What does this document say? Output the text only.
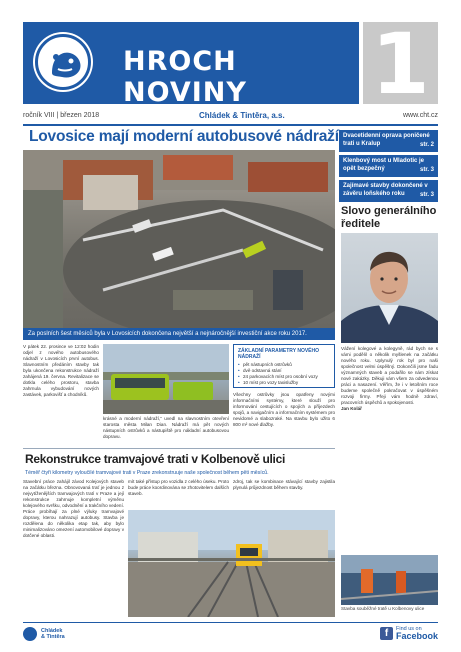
HROCH NOVINY	1
ročník VIII | březen 2018	Chládek & Tintěra, a.s.	www.cht.cz
Lovosice mají moderní autobusové nádraží
Za poslních šest měsíců byla v Lovosicích dokončena největší a nejnáročnější investiční akce roku 2017.
Dvacetidenní oprava poničené trati u Kralup	str. 2
Klenbový most u Mladotic je opět bezpečný	str. 3
Zajímavé stavby dokončené v závěru loňského roku	str. 3
Slovo generálního ředitele
Vážení kolegové a kolegyně, rád bych se s vámi podělil o několik myšlenek na začátku nového roku. Uplynulý rok byl pro naši společnost velmi úspěšný. Dokončili jsme řadu významných staveb a podařilo se nám získat nové zakázky. Děkuji vám všem za odvedenou práci a nasazení. Věřím, že i v letošním roce budeme společně pokračovat v úspěšném rozvoji firmy. Přeji vám hodně zdraví, pracovních úspěchů a spokojenosti.
Jan Kolář
V pátek 22. prosince ve 12:02 hodin odjel z nového autobusového nádraží v Lovosicích první autobus. Slavnostním předáním stavby tak byla ukončena rekonstrukce nádraží zahájená 19. června. Revitalizace se dotkla celého prostoru, stavba zahrnula vybudování nových zastávek, parkovišť a chodníků.
krásné a moderní nádraží,“ uvedl na slavnostním otevření starosta města Milan Dian. Nádraží má pět nových nástupních ostrůvků a nástupiště pro nákladní autobusovou dopravu.
ZÁKLADNÍ PARAMETRY NOVÉHO NÁDRAŽÍ
• pět nástupních ostrůvků
• dvě odstavná stání
• 24 parkovacích míst pro osobní vozy
• 10 míst pro vozy taxislužby
Všechny ostrůvky jsou opatřeny novými informačními systémy, které slouží pro informování cestujících o spojích a příjezdech spojů, a navigačním a informačním systémem pro nevidomé a slabozraké. Na stavbu bylo užito 6 800 m² nové dlažby.
Rekonstrukce tramvajové trati v Kolbenově ulici
Téměř čtyři kilometry vyloučilé tramvajové trati v Praze zrekonstruuje naše společnost během pěti měsíců.
Stavební práce zahájil závod Kolejových staveb na začátku března. Obnovovaná trať je jednou z nejvytíženějších tramvajových tratí v Praze a její rekonstrukce zahrnuje kompletní výměnu kolejového svršku, odvodnění a trakčního vedení. Práce probíhají za plné výluky tramvajové dopravy, kterou nahrazují autobusy. Stavba je rozdělena do několika etap tak, aby bylo minimalizováno omezení automobilové dopravy v dotčené oblasti.
mít také přístup pro vozidla z celého úseku. Proto bude práce koordinována se zhotovitelem dalších staveb.
zdroj, tak se kombinace stávající stavby zajistila plynulá průjezdnost během stavby.
Stavba souběžné tratě u Kolbenovy ulice
Chládek
& Tintěra	f	Find us on
Facebook
